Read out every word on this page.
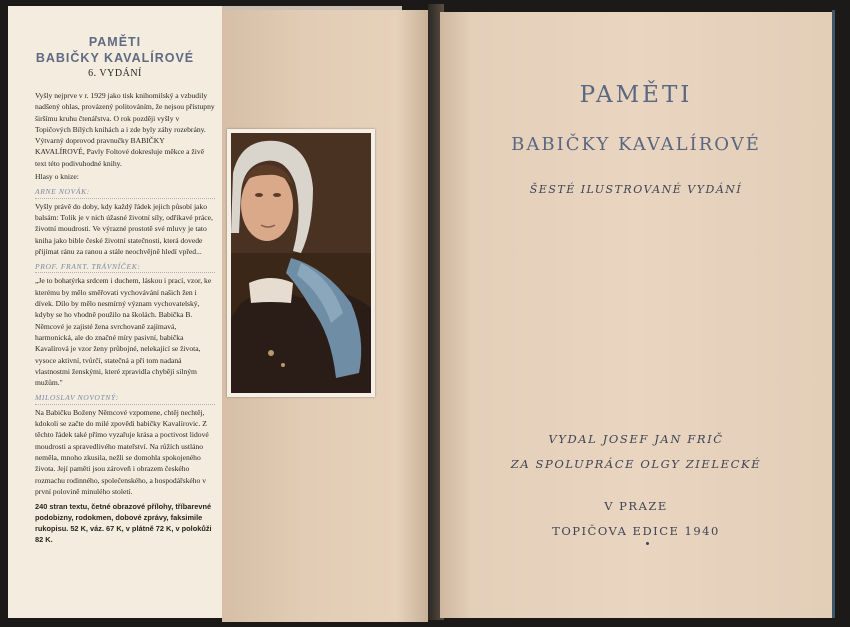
PAMĚTI
BABIČKY KAVALÍROVÉ
6. VYDÁNÍ

Vyšly nejprve v r. 1929 jako tisk knihomilský a vzbudily nadšený ohlas, provázený politováním, že nejsou přístupny širšímu kruhu čtenářstva. O rok později vyšly v Topičových Bílých knihách a i zde byly záhy rozebrány. Výtvarný doprovod pravnučky BABIČKY KAVALÍROVÉ, Pavly Foltové dokresluje měkce a živě text této podivuhodné knihy.

Hlasy o knize:

ARNE NOVÁK:

Vyšly právě do doby, kdy každý řádek jejich působí jako balsám: Tolik je v nich úžasné životní síly, odříkavé práce, životní moudrosti. Ve výrazné prostotě své mluvy je tato kniha jako bible české životní statečnosti, která dovede přijímat ránu za ranou a stále neochvějně hledí vpřed...

PROF. FRANT. TRÁVNÍČEK:

„Je to bohatýrka srdcem i duchem, láskou i prací, vzor, ke kterému by mělo směřovati vychovávání našich žen i dívek. Dílo by mělo nesmírný význam vychovatelský, kdyby se ho vhodně použilo na školách. Babička B. Němcové je zajisté žena svrchovaně zajímavá, harmonická, ale do značné míry pasivní, babička Kavalírová je vzor ženy průbojné, nelekající se života, vysoce aktivní, tvůrčí, statečná a při tom nadaná vlastnostmi ženskými, které zpravidla chybějí silným mužům."

MILOSLAV NOVOTNÝ:

Na Babičku Boženy Němcové vzpomene, chtěj nechtěj, kdokoli se začte do milé zpovědi babičky Kavalírovic. Z těchto řádek také přímo vyzařuje krása a poctivost lidové moudrosti a spravedlivého mateřství. Na růžích ustláno neměla, mnoho zkusila, nežli se domohla spokojeného života. Její paměti jsou zároveň i obrazem českého rozmachu rodinného, společenského, a hospodářského v první polovině minulého století.

240 stran textu, četné obrazové přílohy, tříbarevné podobizny, rodokmen, dobové zprávy, faksimile rukopisu. 52 K, váz. 67 K, v plátně 72 K, v polokůži 82 K.

PAMĚTI
BABIČKY KAVALÍROVÉ
ŠESTÉ ILUSTROVANÉ VYDÁNÍ
VYDAL JOSEF JAN FRIČ
ZA SPOLUPRÁCE OLGY ZIELECKÉ
V PRAZE
TOPIČOVA EDICE 1940
